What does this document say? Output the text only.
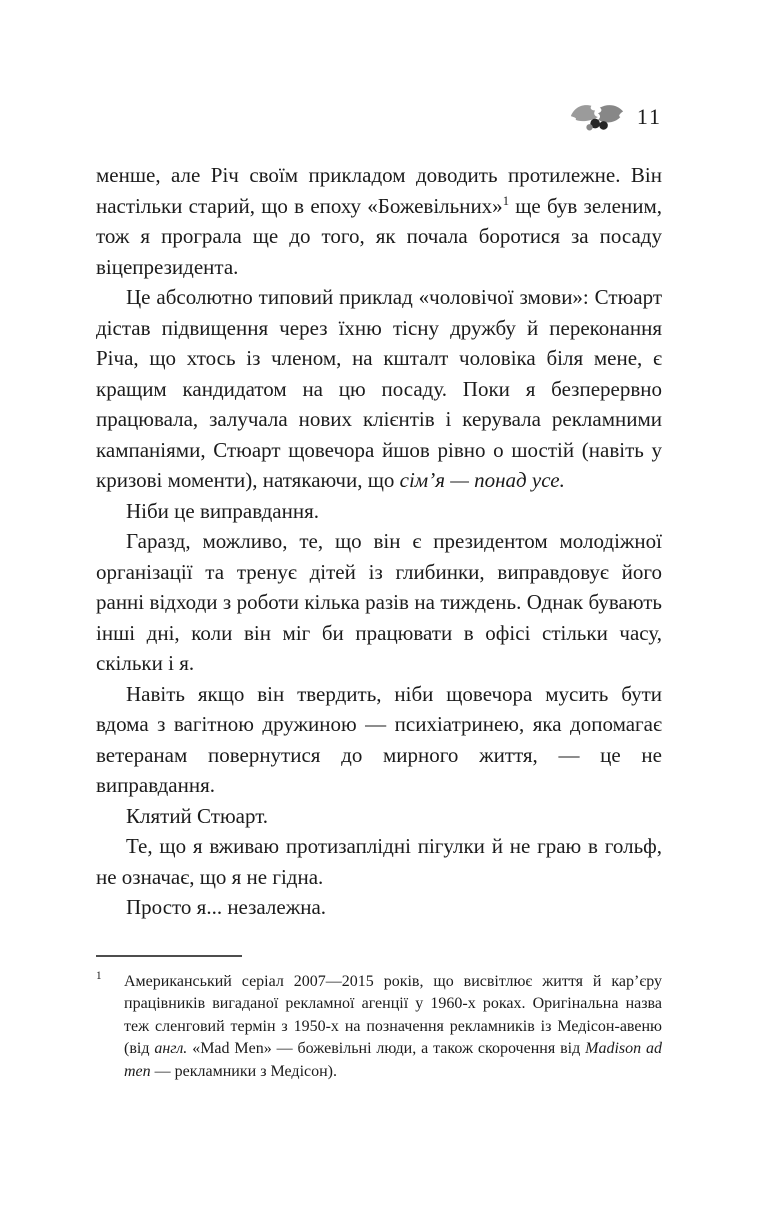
11

менше, але Річ своїм прикладом доводить протилежне. Він настільки старий, що в епоху «Божевільних»$^1$ ще був зеленим, тож я програла ще до того, як почала боротися за посаду віцепрезидента.

Це абсолютно типовий приклад «чоловічої змови»: Стюарт дістав підвищення через їхню тісну дружбу й переконання Річа, що хтось із членом, на кшталт чоловіка біля мене, є кращим кандидатом на цю посаду. Поки я безперервно працювала, залучала нових клієнтів і керувала рекламними кампаніями, Стюарт щовечора йшов рівно о шостій (навіть у кризові моменти), натякаючи, що сім’я — понад усе.

Ніби це виправдання.

Гаразд, можливо, те, що він є президентом молодіжної організації та тренує дітей із глибинки, виправдовує його ранні відходи з роботи кілька разів на тиждень. Однак бувають інші дні, коли він міг би працювати в офісі стільки часу, скільки і я.

Навіть якщо він твердить, ніби щовечора мусить бути вдома з вагітною дружиною — психіатринею, яка допомагає ветеранам повернутися до мирного життя, — це не виправдання.

Клятий Стюарт.

Те, що я вживаю протизаплідні пігулки й не граю в гольф, не означає, що я не гідна.

Просто я... незалежна.

$^1$ Американський серіал 2007—2015 років, що висвітлює життя й кар’єру працівників вигаданої рекламної агенції у 1960-х роках. Оригінальна назва теж сленговий термін з 1950-х на позначення рекламників із Медісон-авеню (від англ. «Mad Men» — божевільні люди, а також скорочення від Madison ad men — рекламники з Медісон).
